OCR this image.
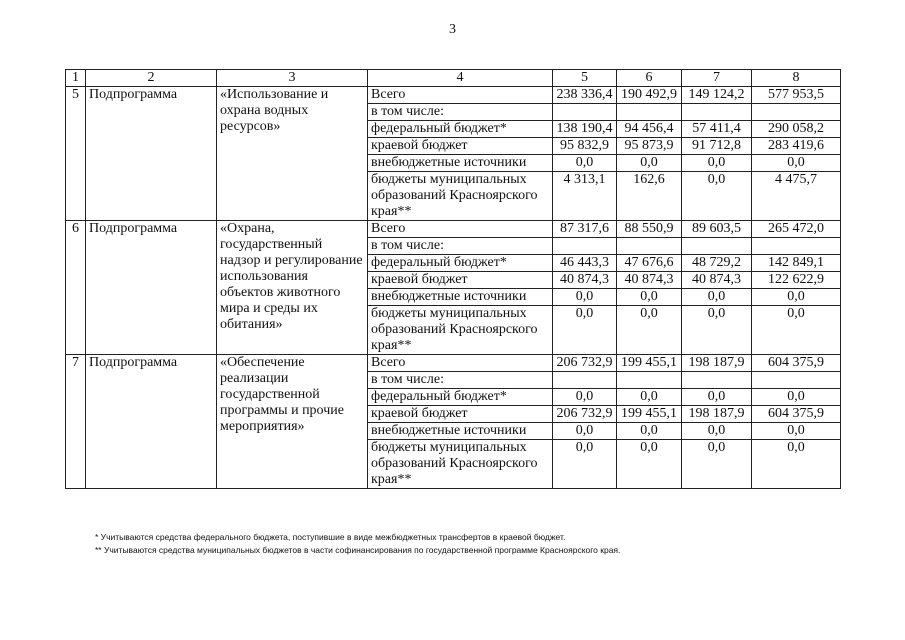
3
1	2	3	4	5	6	7	8
5	Подпрограмма	«Использование и охрана водных ресурсов»	Всего	238 336,4	190 492,9	149 124,2	577 953,5
			в том числе:				
			федеральный бюджет*	138 190,4	94 456,4	57 411,4	290 058,2
			краевой бюджет	95 832,9	95 873,9	91 712,8	283 419,6
			внебюджетные источники	0,0	0,0	0,0	0,0
			бюджеты муниципальных образований Красноярского края**	4 313,1	162,6	0,0	4 475,7
6	Подпрограмма	«Охрана, государственный надзор и регулирование использования объектов животного мира и среды их обитания»	Всего	87 317,6	88 550,9	89 603,5	265 472,0
			в том числе:				
			федеральный бюджет*	46 443,3	47 676,6	48 729,2	142 849,1
			краевой бюджет	40 874,3	40 874,3	40 874,3	122 622,9
			внебюджетные источники	0,0	0,0	0,0	0,0
			бюджеты муниципальных образований Красноярского края**	0,0	0,0	0,0	0,0
7	Подпрограмма	«Обеспечение реализации государственной программы и прочие мероприятия»	Всего	206 732,9	199 455,1	198 187,9	604 375,9
			в том числе:				
			федеральный бюджет*	0,0	0,0	0,0	0,0
			краевой бюджет	206 732,9	199 455,1	198 187,9	604 375,9
			внебюджетные источники	0,0	0,0	0,0	0,0
			бюджеты муниципальных образований Красноярского края**	0,0	0,0	0,0	0,0
* Учитываются средства федерального бюджета, поступившие в виде межбюджетных трансфертов в краевой бюджет.
** Учитываются средства муниципальных бюджетов в части софинансирования по государственной программе Красноярского края.
